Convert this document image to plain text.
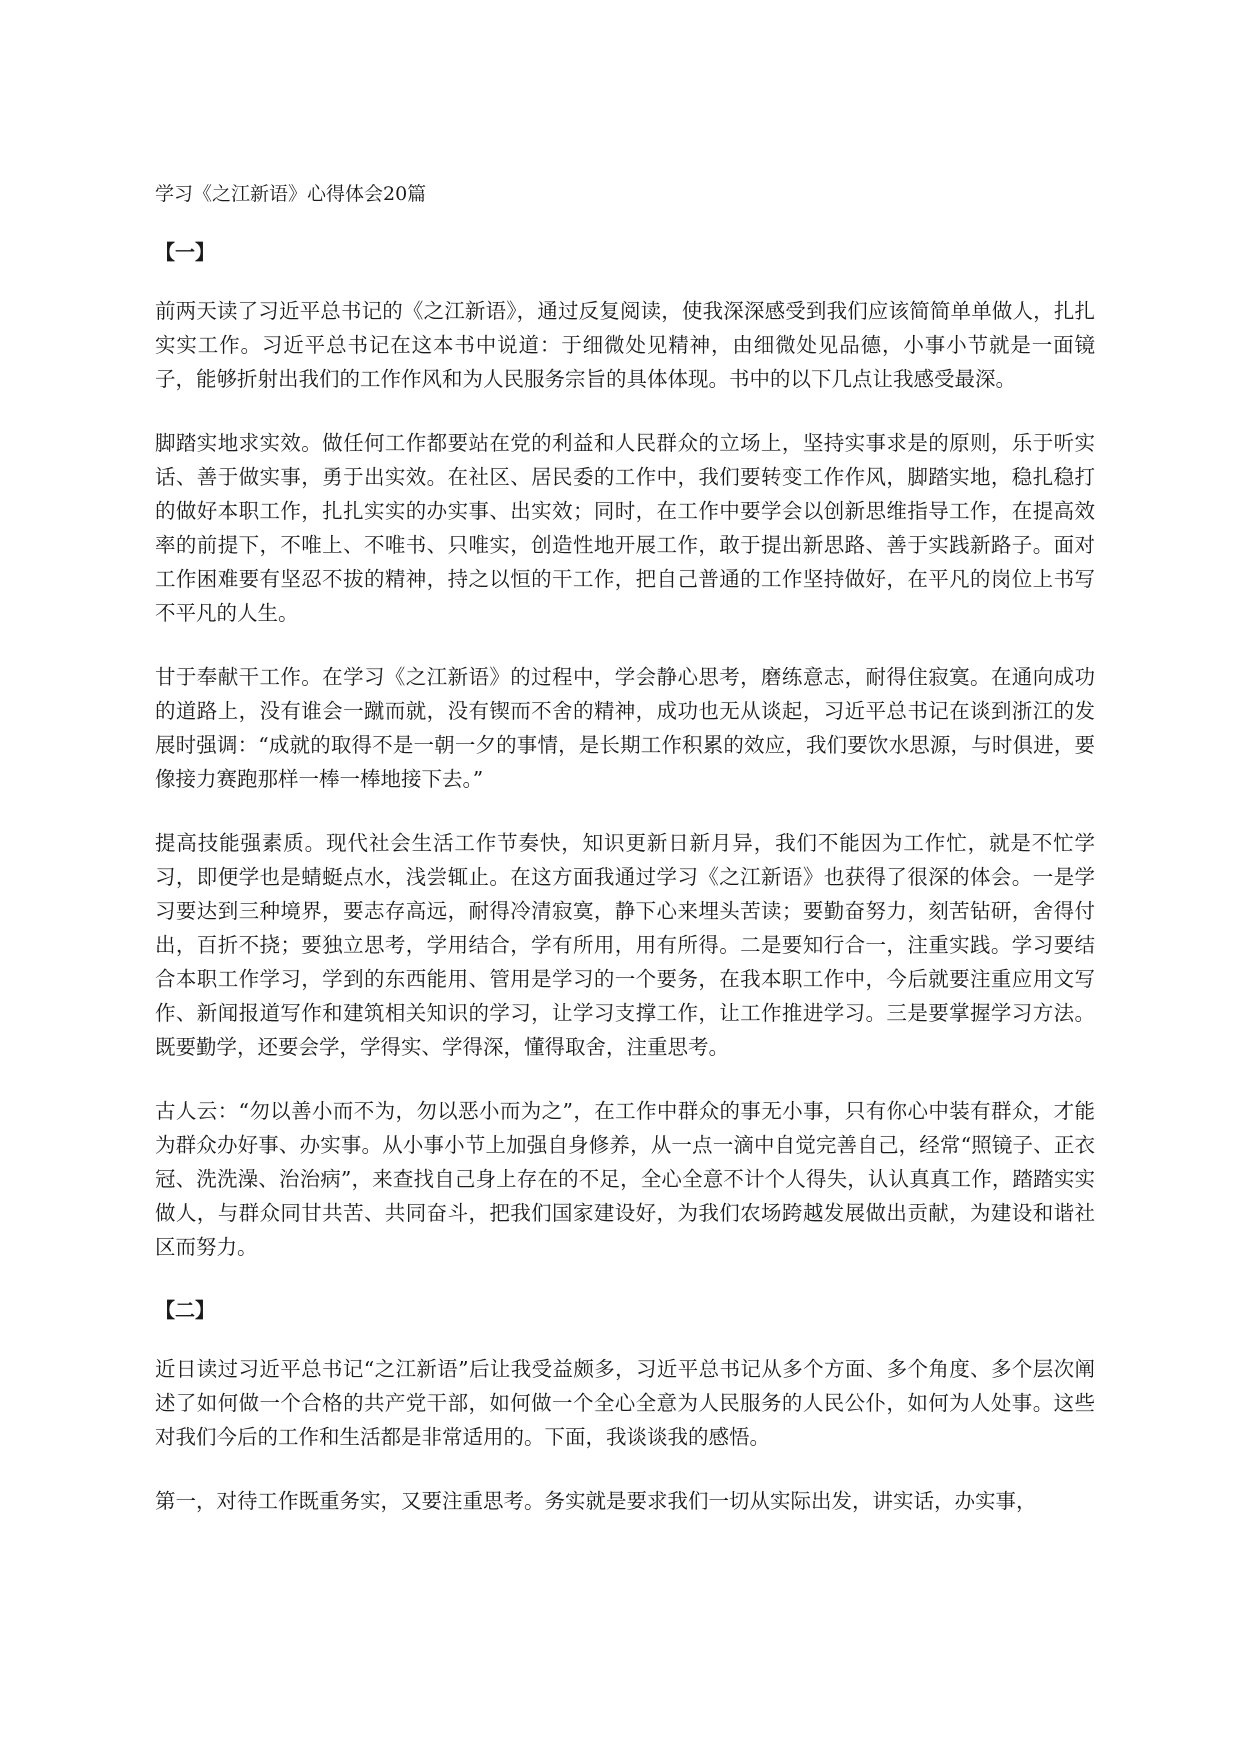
学习《之江新语》心得体会20篇
【一】

前两天读了习近平总书记的《之江新语》，通过反复阅读，使我深深感受到我们应该简简单单做人，扎扎实实工作。习近平总书记在这本书中说道：于细微处见精神，由细微处见品德，小事小节就是一面镜子，能够折射出我们的工作作风和为人民服务宗旨的具体体现。书中的以下几点让我感受最深。

脚踏实地求实效。做任何工作都要站在党的利益和人民群众的立场上，坚持实事求是的原则，乐于听实话、善于做实事，勇于出实效。在社区、居民委的工作中，我们要转变工作作风，脚踏实地，稳扎稳打的做好本职工作，扎扎实实的办实事、出实效；同时，在工作中要学会以创新思维指导工作，在提高效率的前提下，不唯上、不唯书、只唯实，创造性地开展工作，敢于提出新思路、善于实践新路子。面对工作困难要有坚忍不拔的精神，持之以恒的干工作，把自己普通的工作坚持做好，在平凡的岗位上书写不平凡的人生。

甘于奉献干工作。在学习《之江新语》的过程中，学会静心思考，磨练意志，耐得住寂寞。在通向成功的道路上，没有谁会一蹴而就，没有锲而不舍的精神，成功也无从谈起，习近平总书记在谈到浙江的发展时强调：“成就的取得不是一朝一夕的事情，是长期工作积累的效应，我们要饮水思源，与时俱进，要像接力赛跑那样一棒一棒地接下去。”

提高技能强素质。现代社会生活工作节奏快，知识更新日新月异，我们不能因为工作忙，就是不忙学习，即便学也是蜻蜓点水，浅尝辄止。在这方面我通过学习《之江新语》也获得了很深的体会。一是学习要达到三种境界，要志存高远，耐得冷清寂寞，静下心来埋头苦读；要勤奋努力，刻苦钻研，舍得付出，百折不挠；要独立思考，学用结合，学有所用，用有所得。二是要知行合一，注重实践。学习要结合本职工作学习，学到的东西能用、管用是学习的一个要务，在我本职工作中，今后就要注重应用文写作、新闻报道写作和建筑相关知识的学习，让学习支撑工作，让工作推进学习。三是要掌握学习方法。既要勤学，还要会学，学得实、学得深，懂得取舍，注重思考。

古人云：“勿以善小而不为，勿以恶小而为之”，在工作中群众的事无小事，只有你心中装有群众，才能为群众办好事、办实事。从小事小节上加强自身修养，从一点一滴中自觉完善自己，经常“照镜子、正衣冠、洗洗澡、治治病”，来查找自己身上存在的不足，全心全意不计个人得失，认认真真工作，踏踏实实做人，与群众同甘共苦、共同奋斗，把我们国家建设好，为我们农场跨越发展做出贡献，为建设和谐社区而努力。

【二】

近日读过习近平总书记“之江新语”后让我受益颇多，习近平总书记从多个方面、多个角度、多个层次阐述了如何做一个合格的共产党干部，如何做一个全心全意为人民服务的人民公仆，如何为人处事。这些对我们今后的工作和生活都是非常适用的。下面，我谈谈我的感悟。

第一，对待工作既重务实，又要注重思考。务实就是要求我们一切从实际出发，讲实话，办实事，
